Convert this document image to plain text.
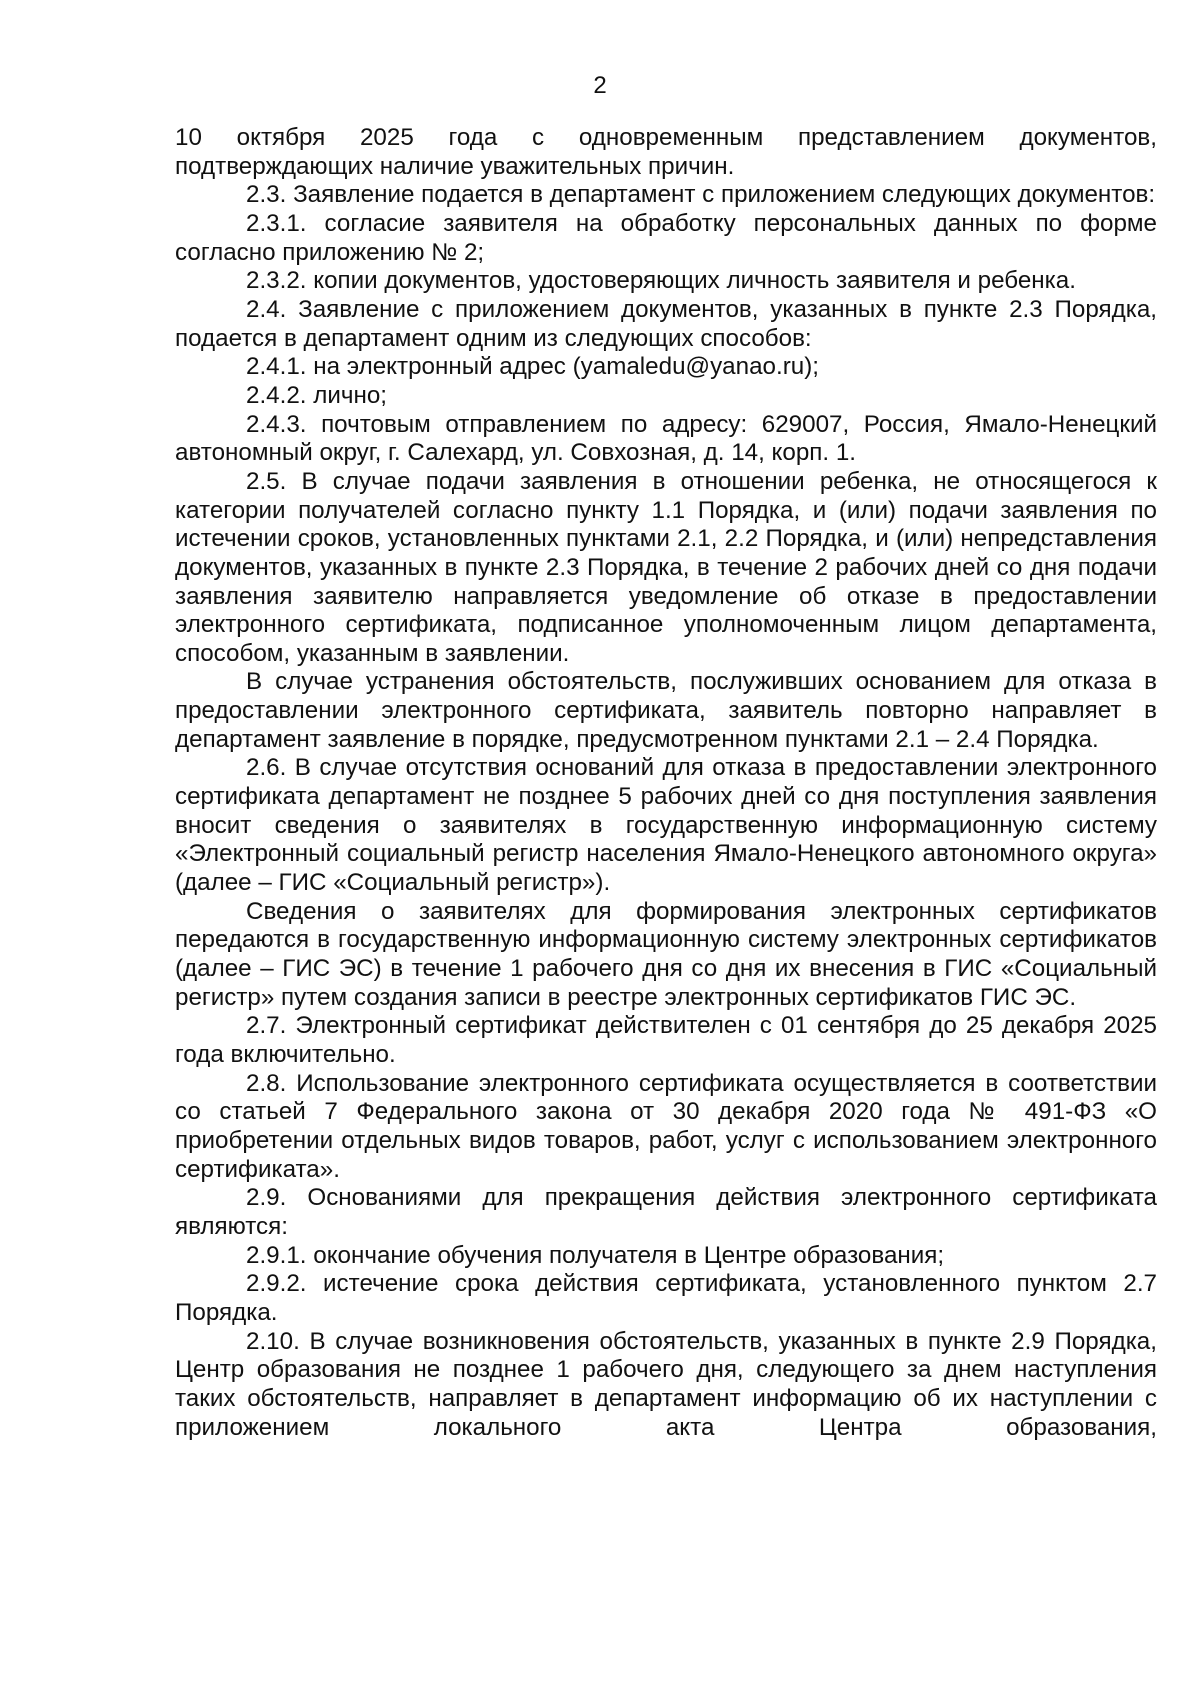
2

10 октября 2025 года с одновременным представлением документов, подтверждающих наличие уважительных причин.

2.3. Заявление подается в департамент с приложением следующих документов:

2.3.1. согласие заявителя на обработку персональных данных по форме согласно приложению № 2;

2.3.2. копии документов, удостоверяющих личность заявителя и ребенка.

2.4. Заявление с приложением документов, указанных в пункте 2.3 Порядка, подается в департамент одним из следующих способов:

2.4.1. на электронный адрес (yamaledu@yanao.ru);

2.4.2. лично;

2.4.3. почтовым отправлением по адресу: 629007, Россия, Ямало-Ненецкий автономный округ, г. Салехард, ул. Совхозная, д. 14, корп. 1.

2.5. В случае подачи заявления в отношении ребенка, не относящегося к категории получателей согласно пункту 1.1 Порядка, и (или) подачи заявления по истечении сроков, установленных пунктами 2.1, 2.2 Порядка, и (или) непредставления документов, указанных в пункте 2.3 Порядка, в течение 2 рабочих дней со дня подачи заявления заявителю направляется уведомление об отказе в предоставлении электронного сертификата, подписанное уполномоченным лицом департамента, способом, указанным в заявлении.

В случае устранения обстоятельств, послуживших основанием для отказа в предоставлении электронного сертификата, заявитель повторно направляет в департамент заявление в порядке, предусмотренном пунктами 2.1 – 2.4 Порядка.

2.6. В случае отсутствия оснований для отказа в предоставлении электронного сертификата департамент не позднее 5 рабочих дней со дня поступления заявления вносит сведения о заявителях в государственную информационную систему «Электронный социальный регистр населения Ямало-Ненецкого автономного округа» (далее – ГИС «Социальный регистр»).

Сведения о заявителях для формирования электронных сертификатов передаются в государственную информационную систему электронных сертификатов (далее – ГИС ЭС) в течение 1 рабочего дня со дня их внесения в ГИС «Социальный регистр» путем создания записи в реестре электронных сертификатов ГИС ЭС.

2.7. Электронный сертификат действителен с 01 сентября до 25 декабря 2025 года включительно.

2.8. Использование электронного сертификата осуществляется в соответствии со статьей 7 Федерального закона от 30 декабря 2020 года № 491-ФЗ «О приобретении отдельных видов товаров, работ, услуг с использованием электронного сертификата».

2.9. Основаниями для прекращения действия электронного сертификата являются:

2.9.1. окончание обучения получателя в Центре образования;

2.9.2. истечение срока действия сертификата, установленного пунктом 2.7 Порядка.

2.10. В случае возникновения обстоятельств, указанных в пункте 2.9 Порядка, Центр образования не позднее 1 рабочего дня, следующего за днем наступления таких обстоятельств, направляет в департамент информацию об их наступлении с приложением локального акта Центра образования,
